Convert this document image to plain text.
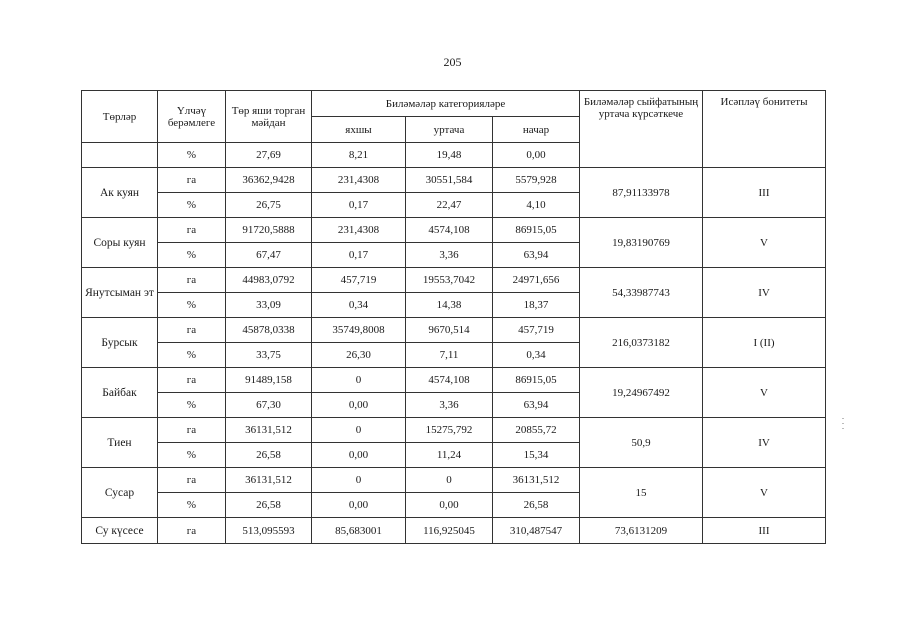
205
Төрләр	Үлчәү берәмлеге	Төр яши торган мәйдан	Биләмәләр категорияләре			Биләмәләр сыйфатының уртача күрсәткече	Исәпләү бонитеты
			яхшы	уртача	начар		
	%	27,69	8,21	19,48	0,00		
Ак куян	га	36362,9428	231,4308	30551,584	5579,928	87,91133978	III
	%	26,75	0,17	22,47	4,10		
Соры куян	га	91720,5888	231,4308	4574,108	86915,05	19,83190769	V
	%	67,47	0,17	3,36	63,94		
Янутсыман эт	га	44983,0792	457,719	19553,7042	24971,656	54,33987743	IV
	%	33,09	0,34	14,38	18,37		
Бурсык	га	45878,0338	35749,8008	9670,514	457,719	216,0373182	I (II)
	%	33,75	26,30	7,11	0,34		
Байбак	га	91489,158	0	4574,108	86915,05	19,24967492	V
	%	67,30	0,00	3,36	63,94		
Тиен	га	36131,512	0	15275,792	20855,72	50,9	IV
	%	26,58	0,00	11,24	15,34		
Сусар	га	36131,512	0	0	36131,512	15	V
	%	26,58	0,00	0,00	26,58		
Су күсесе	га	513,095593	85,683001	116,925045	310,487547	73,6131209	III
